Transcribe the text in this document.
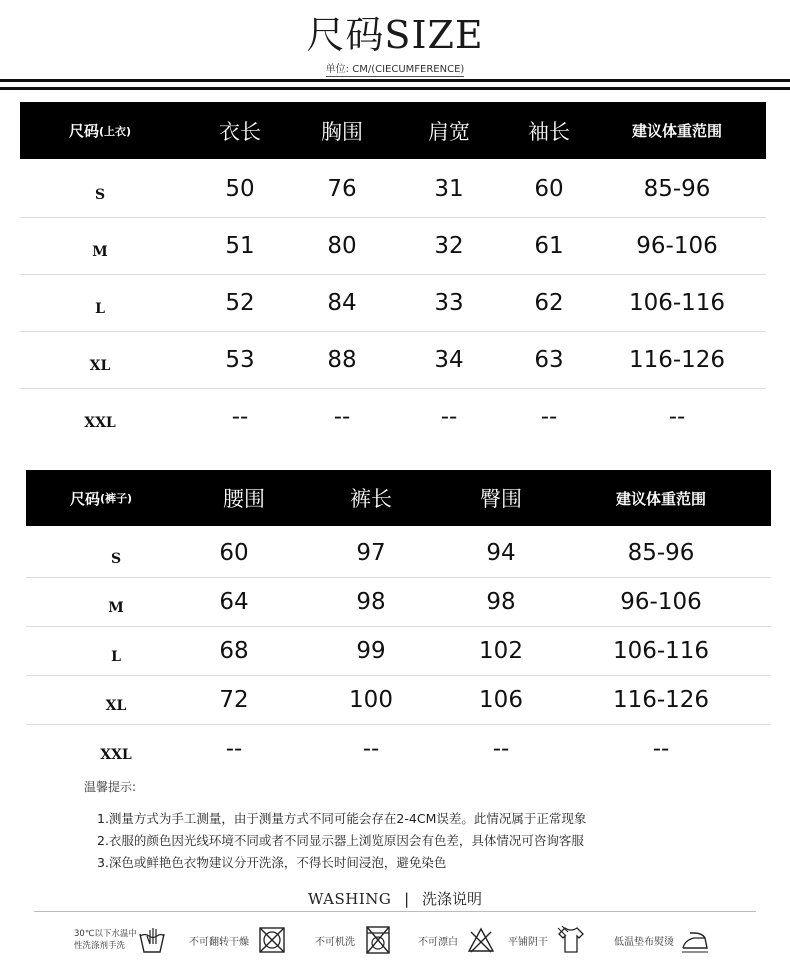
尺码SIZE
单位: CM/(CIECUMFERENCE)
尺码 (上衣)	衣长	胸围	肩宽	袖长	建议体重范围
S	50	76	31	60	85-96
M	51	80	32	61	96-106
L	52	84	33	62	106-116
XL	53	88	34	63	116-126
XXL	--	--	--	--	--
尺码 (裤子)	腰围	裤长	臀围	建议体重范围
S	60	97	94	85-96
M	64	98	98	96-106
L	68	99	102	106-116
XL	72	100	106	116-126
XXL	--	--	--	--
温馨提示:
1.测量方式为手工测量，由于测量方式不同可能会存在2-4CM误差。此情况属于正常现象
2.衣服的颜色因光线环境不同或者不同显示器上浏览原因会有色差，具体情况可咨询客服
3.深色或鲜艳色衣物建议分开洗涤，不得长时间浸泡，避免染色
WASHING | 洗涤说明
30℃以下水温中
性洗涤剂手洗	不可翻转干燥	不可机洗	不可漂白	平铺阴干	低温垫布熨烫
